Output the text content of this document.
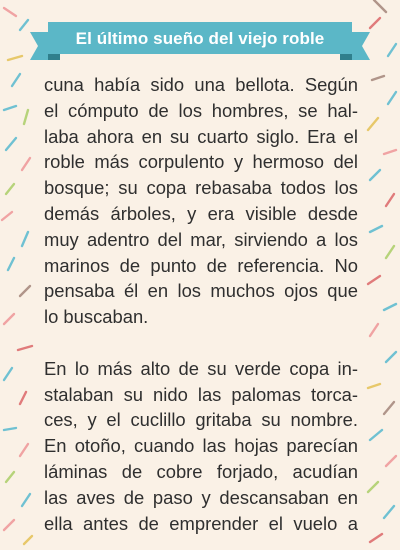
El último sueño del viejo roble
cuna había sido una bellota. Según
el cómputo de los hombres, se hal-
laba ahora en su cuarto siglo. Era el
roble más corpulento y hermoso del
bosque; su copa rebasaba todos los
demás árboles, y era visible desde
muy adentro del mar, sirviendo a los
marinos de punto de referencia. No
pensaba él en los muchos ojos que
lo buscaban.
En lo más alto de su verde copa in-
stalaban su nido las palomas torca-
ces, y el cuclillo gritaba su nombre.
En otoño, cuando las hojas parecían
láminas de cobre forjado, acudían
las aves de paso y descansaban en
ella antes de emprender el vuelo a
